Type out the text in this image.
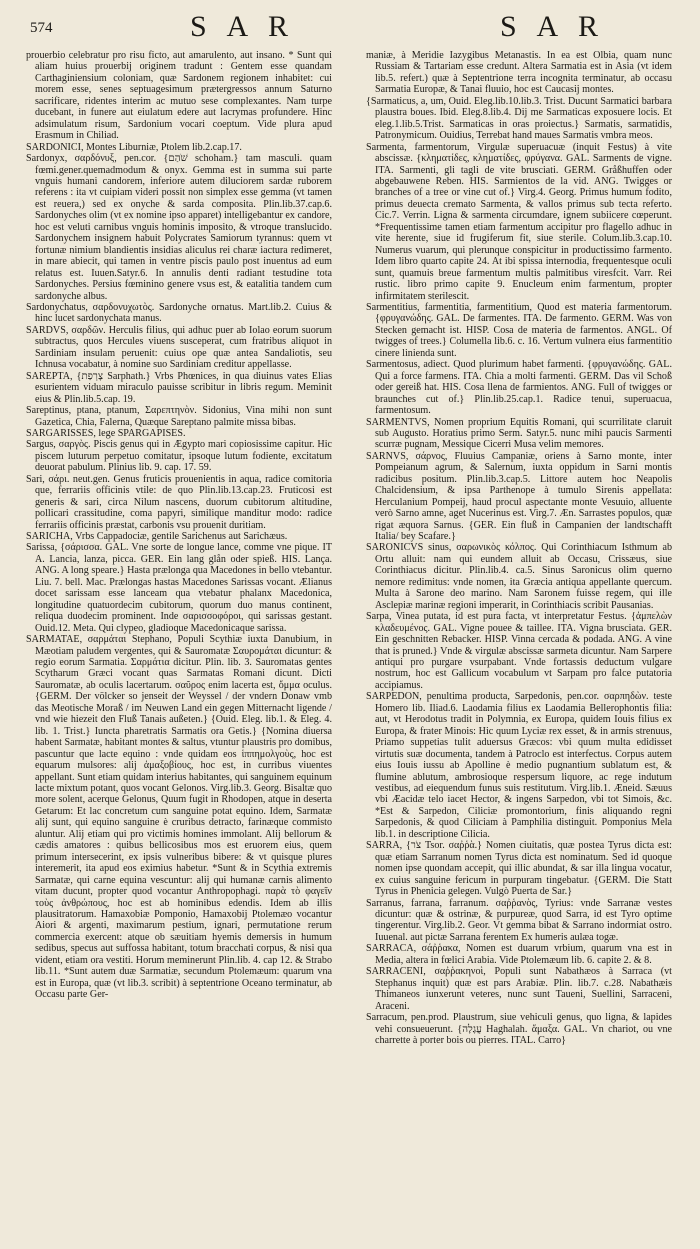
574	S A R	S A R

prouerbio celebratur pro risu ficto, aut amarulento, aut insano. * Sunt qui aliam huius prouerbij originem tradunt : Gentem esse quandam Carthaginiensium coloniam, quæ Sardonem regionem inhabitet: cui morem esse, senes septuagesimum prætergressos annum Saturno sacrificare, ridentes interim ac mutuo sese complexantes. Nam turpe ducebant, in funere aut eiulatum edere aut lacrymas profundere. Hinc adsimulatum risum, Sardonium vocari coeptum. Vide plura apud Erasmum in Chiliad.

SARDONICI, Montes Liburniæ, Ptolem lib.2.cap.17.

Sardonyx, σαρδόνυξ, pen.cor. {שֹׁהַם schoham.} tam masculi. quam fœmi.gener.quemadmodum & onyx. Gemma est in summa sui parte vnguis humani candorem, inferiore autem diluciorem sardæ ruborem referens : ita vt cuipiam videri possit non simplex esse gemma (vt tamen est reuera,) sed ex onyche & sarda composita. Plin.lib.37.cap.6. Sardonyches olim (vt ex nomine ipso apparet) intelligebantur ex candore, hoc est veluti carnibus vnguis hominis imposito, & vtroque translucido. Sardonychem insignem habuit Polycrates Samiorum tyrannus: quem vt fortunæ nimium blandientis insidias aliculus rei charæ iactura redimeret, in mare abiecit, qui tamen in ventre piscis paulo post inuentus ad eum relatus est. Iuuen.Satyr.6. In annulis denti radiant testudine tota Sardonyches. Persius fœminino genere vsus est, & eatalitia tandem cum sardonyche albus.

Sardonychatus, σαρδονυχωτὸς. Sardonyche ornatus. Mart.lib.2. Cuius & hinc lucet sardonychata manus.

SARDVS, σαρδῶν. Herculis filius, qui adhuc puer ab Iolao eorum suorum subtractus, quos Hercules viuens susceperat, cum fratribus aliquot in Sardiniam insulam peruenit: cuius ope quæ antea Sandaliotis, seu Ichnusa vocabatur, à nomine suo Sardiniam creditur appellasse.

SAREPTA, {צָרְפַת Sarphath.} Vrbs Phœnices, in qua diuinus vates Elias esurientem viduam miraculo pauisse scribitur in libris regum. Meminit eius & Plin.lib.5.cap. 19.

Sareptinus, ptana, ptanum, Σαρεπτηνὸν. Sidonius, Vina mihi non sunt Gazetica, Chia, Falerna, Quæque Sareptano palmite missa bibas.

SARGARISSES, lege SPARGAPISES.

Sargus, σαργὸς. Piscis genus qui in Ægypto mari copiosissime capitur. Hic piscem luturum perpetuo comitatur, ipsoque lutum fodiente, excitatum deuorat pabulum. Plinius lib. 9. cap. 17. 59.

Sari, σάρι. neut.gen. Genus fruticis prouenientis in aqua, radice comitoria que, ferrariis officinis vtile: de quo Plin.lib.13.cap.23. Fruticosi est generis & sari, circa Nilum nascens, duorum cubitorum altitudine, pollicari crassitudine, coma papyri, similique manditur modo: radice ferrariis officinis præstat, carbonis vsu prouenit duritiam.

SARICHA, Vrbs Cappadociæ, gentile Sarichenus aut Sarichæus.

Sarissa, {σάρισσα. GAL. Vne sorte de longue lance, comme vne pique. IT A. Lancia, lanza, picca. GER. Ein lang glån oder spieß. HIS. Lança. ANG. A long speare.} Hasta prælonga qua Macedones in bello vtebantur. Liu. 7. bell. Mac. Prælongas hastas Macedones Sarissas vocant. Ælianus docet sarissam esse lanceam qua vtebatur phalanx Macedonica, longitudine quatuordecim cubitorum, quorum duo manus continent, reliqua duodecim prominent. Inde σαρισσοφόροι, qui sarissas gestant. Ouid.12. Meta. Qui clypeo, gladioque Macedonicaque sarissa.

SARMATAE, σαρμάται Stephano, Populi Scythiæ iuxta Danubium, in Mæotiam paludem vergentes, qui & Sauromatæ Σαυρομάται dicuntur: & regio eorum Sarmatia. Σαρμάτια dicitur. Plin. lib. 3. Sauromatas gentes Scytharum Græci vocant quas Sarmatas Romani dicunt. Dicti Sauromatæ, ab oculis lacertarum. σαῦρος enim lacerta est, ὄμμα oculus. {GERM. Der völcker so jenseit der Weyssel / der vndern Donaw vmb das Meotische Moraß / im Neuwen Land ein gegen Mitternacht ligende / vnd wie hiezeit den Fluß Tanais außeten.} {Ouid. Eleg. lib.1. & Eleg. 4. lib. 1. Trist.} Iuncta pharetratis Sarmatis ora Getis.} {Nomina diuersa habent Sarmatæ, habitant montes & saltus, vtuntur plaustris pro domibus, pascuntur que lacte equino : vnde quidam eos ἱππημολγοὺς, hoc est equarum mulsores: alij ἁμαξοβίους, hoc est, in curribus viuentes appellant. Sunt etiam quidam interius habitantes, qui sanguinem equinum lacte mixtum potant, quos vocant Gelonos. Virg.lib.3. Georg. Bisaltæ quo more solent, acerque Gelonus, Quum fugit in Rhodopen, atque in deserta Getarum: Et lac concretum cum sanguine potat equino. Idem, Sarmatæ alij sunt, qui equino sanguine è cruribus detracto, farinæque commisto aluntur. Alij etiam qui pro victimis homines immolant. Alij bellorum & cædis amatores : quibus bellicosibus mos est eruorem eius, quem primum intersecerint, ex ipsis vulneribus bibere: & vt quisque plures interemerit, ita apud eos eximius habetur. *Sunt & in Scythia extremis Sarmatæ, qui carne equina vescuntur: alij qui humanæ carnis alimento vitam ducunt, propter quod vocantur Anthropophagi. παρὰ τὸ φαγεῖν τοὺς ἀνθρώπους, hoc est ab hominibus edendis. Idem ab illis plausitratorum. Hamaxobiæ Pomponio, Hamaxobij Ptolemæo vocantur Aiori & argenti, maximarum pestium, ignari, permutatione rerum commercia exercent: atque ob sæuitiam hyemis demersis in humum sedibus, specus aut suffossa habitant, totum bracchati corpus, & nisi qua vident, etiam ora vestiti. Horum meminerunt Plin.lib. 4. cap 12. & Strabo lib.11. *Sunt autem duæ Sarmatiæ, secundum Ptolemæum: quarum vna est in Europa, quæ (vt lib.3. scribit) à septentrione Oceano terminatur, ab Occasu parte Ger-

maniæ, à Meridie Iazygibus Metanastis. In ea est Olbia, quam nunc Russiam & Tartariam esse credunt. Altera Sarmatia est in Asia (vt idem lib.5. refert.) quæ à Septentrione terra incognita terminatur, ab occasu Sarmatia Europæ, & Tanai fluuio, hoc est Caucasij montes.

{Sarmaticus, a, um, Ouid. Eleg.lib.10.lib.3. Trist. Ducunt Sarmatici barbara plaustra boues. Ibid. Eleg.8.lib.4. Dij me Sarmaticas exposuere locis. Et eleg.1.lib.5.Trist. Sarmaticas in oras proiectus.} Sarmatis, sarmatidis, Patronymicum. Ouidius, Terrebat hand maues Sarmatis vmbra meos.

Sarmenta, farmentorum, Virgulæ superuacuæ (inquit Festus) à vite abscissæ. {κληματίδες, κληματίδες, φρύγανα. GAL. Sarments de vigne. ITA. Sarmenti, gli tagli de vite brusciati. GERM. Gråßhuffen oder abgebauwene Reben. HIS. Sarmientos de la vid. ANG. Twigges or branches of a tree or vine cut of.} Virg.4. Georg. Primus humum fodito, primus deuecta cremato Sarmenta, & vallos primus sub tecta referto. Cic.7. Verrin. Ligna & sarmenta circumdare, ignem subiicere cœperunt. *Frequentissime tamen etiam farmentum accipitur pro flagello adhuc in vite herente, siue id frugiferum fit, siue sterile. Colum.lib.3.cap.10. Numerus vuarum, qui plerunque conspicitur in productissimo farmento. Idem libro quarto capite 24. At ibi spissa internodia, frequentesque oculi sunt, quamuis breue farmentum multis palmitibus viresfcit. Varr. Rei rustic. libro primo capite 9. Enucleum enim farmentum, propter infirmitatem sterilescit.

Sarmentitius, farmentitia, farmentitium, Quod est materia farmentorum. {φρυγανώδης. GAL. De farmentes. ITA. De farmento. GERM. Was von Stecken gemacht ist. HISP. Cosa de materia de farmentos. ANGL. Of twigges of trees.} Columella lib.6. c. 16. Vertum vulnera eius farmentitio cinere linienda sunt.

Sarmentosus, adiect. Quod plurimum habet farmenti. {φρυγανώδης. GAL. Qui a force farmens. ITA. Chia a molti farmenti. GERM. Das vil Schoß oder gereiß hat. HIS. Cosa llena de farmientos. ANG. Full of twigges or braunches cut of.} Plin.lib.25.cap.1. Radice tenui, superuacua, farmentosum.

SARMENTVS, Nomen proprium Equitis Romani, qui scurrilitate claruit sub Augusto. Horatius primo Serm. Satyr.5. nunc mihi paucis Sarmenti scurræ pugnam, Messique Cicerri Musa velim memores.

SARNVS, σάρνος, Fluuius Campaniæ, oriens à Sarno monte, inter Pompeianum agrum, & Salernum, iuxta oppidum in Sarni montis radicibus positum. Plin.lib.3.cap.5. Littore autem hoc Neapolis Chalcidensium, & ipsa Parthenope à tumulo Sirenis appellata: Herculanium Pompeij, haud procul aspectante monte Vesuuio, alluente verò Sarno amne, aget Nucerinus est. Virg.7. Æn. Sarrastes populos, quæ rigat æquora Sarnus. {GER. Ein fluß in Campanien der landtschafft Italia/ bey Scafare.}

SARONICVS sinus, σαρωνικὸς κόλπος. Qui Corinthiacum Isthmum ab Ortu alluit: nam qui eundem alluit ab Occasu, Crissæus, siue Corinthiacus dicitur. Plin.lib.4. ca.5. Sinus Saronicus olim querno nemore redimitus: vnde nomen, ita Græcia antiqua appellante quercum. Multa à Sarone deo marino. Nam Saronem fuisse regem, qui ille Asclepiæ marinæ regioni imperarit, in Corinthiacis scribit Pausanias.

Sarpa, Vinea putata, id est pura facta, vt interpretatur Festus. {ἀμπελὼν κλαδευμένος. GAL. Vigne pouee & taillee. ITA. Vigna brusciata. GER. Ein geschnitten Rebacker. HISP. Vinna cercada & podada. ANG. A vine that is pruned.} Vnde & virgulæ abscissæ sarmeta dicuntur. Nam Sarpere antiqui pro purgare vsurpabant. Vnde fortassis deductum vulgare nostrum, hoc est Gallicum vocabulum vt Sarpam pro falce putatoria accipiamus.

SARPEDON, penultima producta, Sarpedonis, pen.cor. σαρπηδὼν. teste Homero lib. Iliad.6. Laodamia filius ex Laodamia Bellerophontis filia: aut, vt Herodotus tradit in Polymnia, ex Europa, quidem Iouis filius ex Europa, & frater Minois: Hic quum Lyciæ rex esset, & in armis strenuus, Priamo suppetias tulit aduersus Græcos: vbi quum multa edidisset virtutis suæ documenta, tandem à Patroclo est interfectus. Corpus autem eius Iouis iussu ab Apolline è medio pugnantium sublatum est, & flumine ablutum, ambrosioque respersum liquore, ac rege indutum vestibus, ad eiequendum funus suis restitutum. Virg.lib.1. Æneid. Sæuus vbi Æacidæ telo iacet Hector, & ingens Sarpedon, vbi tot Simois, &c. *Est & Sarpedon, Ciliciæ promontorium, finis aliquando regni Sarpedonis, & quod Ciliciam à Pamphilia distinguit. Pomponius Mela lib.1. in descriptione Cilicia.

SARRA, {צֹר Tsor. σαῤῥὰ.} Nomen ciuitatis, quæ postea Tyrus dicta est: quæ etiam Sarranum nomen Tyrus dicta est nominatum. Sed id quoque nomen ipse quondam accepit, qui illic abundat, & sar illa lingua vocatur, ex cuius sanguine fericum in purpuram tingebatur. {GERM. Die Statt Tyrus in Phenicia gelegen. Vulgò Puerta de Sar.}

Sarranus, farrana, farranum. σαῤῥανὸς, Tyrius: vnde Sarranæ vestes dicuntur: quæ & ostrinæ, & purpureæ, quod Sarra, id est Tyro optime tingerentur. Virg.lib.2. Geor. Vt gemma bibat & Sarrano indormiat ostro. Iuuenal. aut pictæ Sarrana ferentem Ex humeris aulæa togæ.

SARRACA, σάῤῥακα, Nomen est duarum vrbium, quarum vna est in Media, altera in fœlici Arabia. Vide Ptolemæum lib. 6. capite 2. & 8.

SARRACENI, σαῤῥακηνοὶ, Populi sunt Nabathæos à Sarraca (vt Stephanus inquit) quæ est pars Arabiæ. Plin. lib.7. c.28. Nabathæis Thimaneos iunxerunt veteres, nunc sunt Taueni, Suellini, Sarraceni, Araceni.

Sarracum, pen.prod. Plaustrum, siue vehiculi genus, quo ligna, & lapides vehi consueuerunt. {עֲגָלָה Haghalah. ἅμαξα. GAL. Vn chariot, ou vne charrette à porter bois ou pierres. ITAL. Carro}
